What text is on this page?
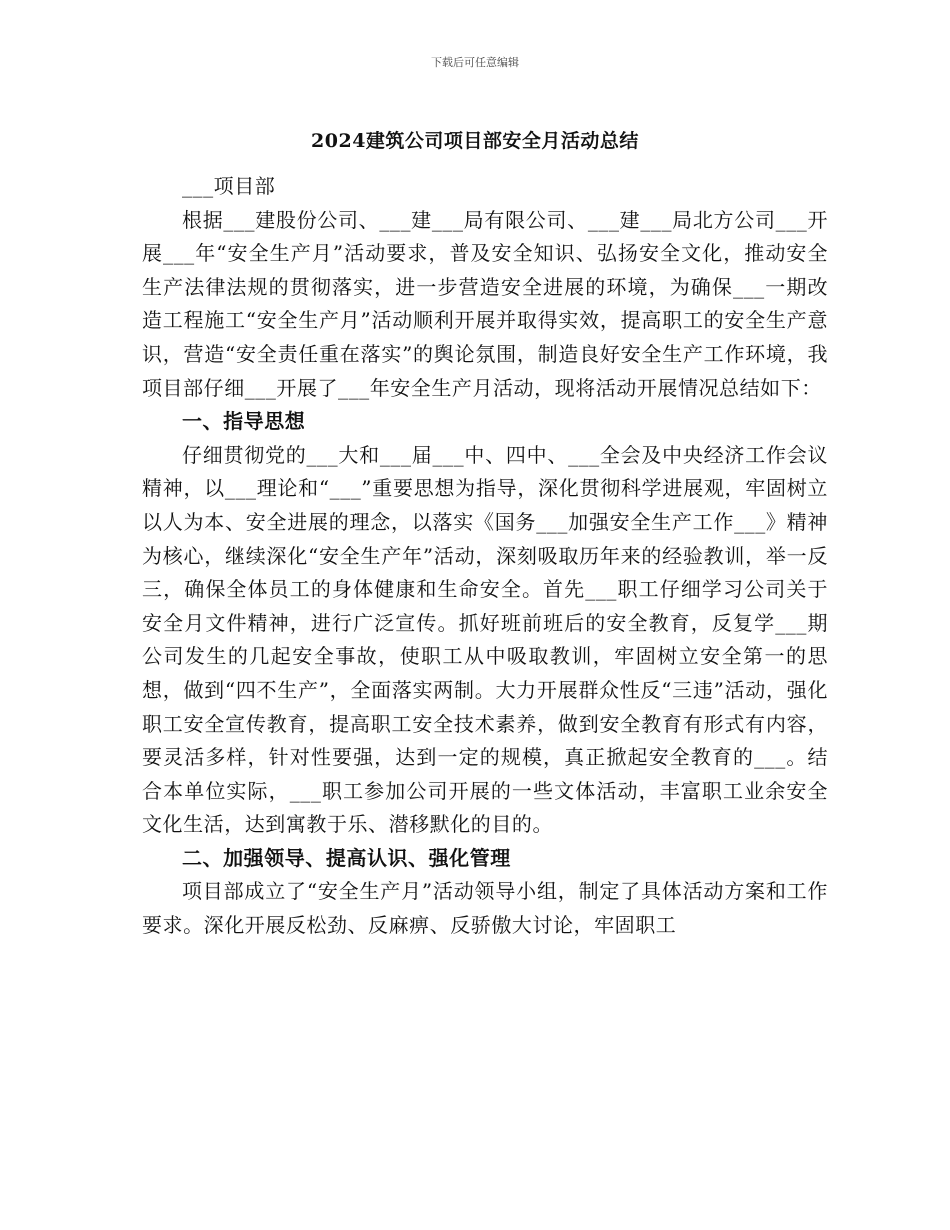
下载后可任意编辑
2024建筑公司项目部安全月活动总结

___项目部

根据___建股份公司、___建___局有限公司、___建___局北方公司___开展___年“安全生产月”活动要求，普及安全知识、弘扬安全文化，推动安全生产法律法规的贯彻落实，进一步营造安全进展的环境，为确保___一期改造工程施工“安全生产月”活动顺利开展并取得实效，提高职工的安全生产意识，营造“安全责任重在落实”的舆论氛围，制造良好安全生产工作环境，我项目部仔细___开展了___年安全生产月活动，现将活动开展情况总结如下：

一、指导思想

仔细贯彻党的___大和___届___中、四中、___全会及中央经济工作会议精神，以___理论和“___”重要思想为指导，深化贯彻科学进展观，牢固树立以人为本、安全进展的理念，以落实《国务___加强安全生产工作___》精神为核心，继续深化“安全生产年”活动，深刻吸取历年来的经验教训，举一反三，确保全体员工的身体健康和生命安全。首先___职工仔细学习公司关于安全月文件精神，进行广泛宣传。抓好班前班后的安全教育，反复学___期公司发生的几起安全事故，使职工从中吸取教训，牢固树立安全第一的思想，做到“四不生产”，全面落实两制。大力开展群众性反“三违”活动，强化职工安全宣传教育，提高职工安全技术素养，做到安全教育有形式有内容，要灵活多样，针对性要强，达到一定的规模，真正掀起安全教育的___。结合本单位实际，___职工参加公司开展的一些文体活动，丰富职工业余安全文化生活，达到寓教于乐、潜移默化的目的。

二、加强领导、提高认识、强化管理

项目部成立了“安全生产月”活动领导小组，制定了具体活动方案和工作要求。深化开展反松劲、反麻痹、反骄傲大讨论，牢固职工
